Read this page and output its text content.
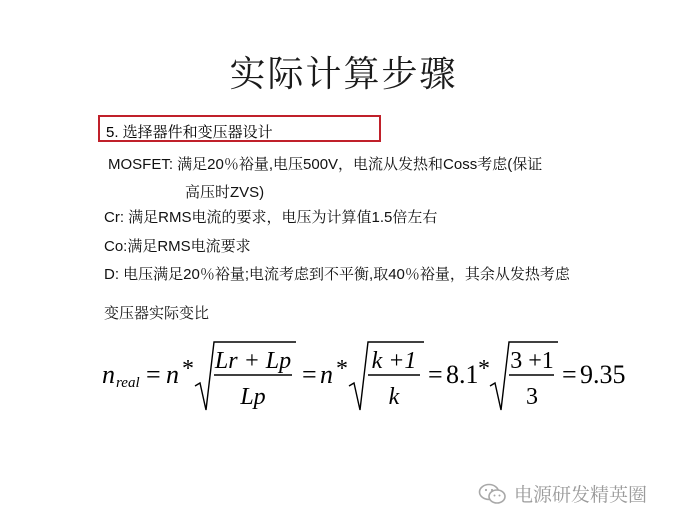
实际计算步骤
5. 选择器件和变压器设计
MOSFET: 满足20％裕量,电压500V，电流从发热和Coss考虑(保证
高压时ZVS)
Cr: 满足RMS电流的要求，电压为计算值1.5倍左右
Co:满足RMS电流要求
D: 电压满足20％裕量;电流考虑到不平衡,取40％裕量，其余从发热考虑
变压器实际变比
n real = n * Lr + Lp
Lp
= n * k +1
k
= 8.1 * 3 +1
3
= 9.35
电源研发精英圈
